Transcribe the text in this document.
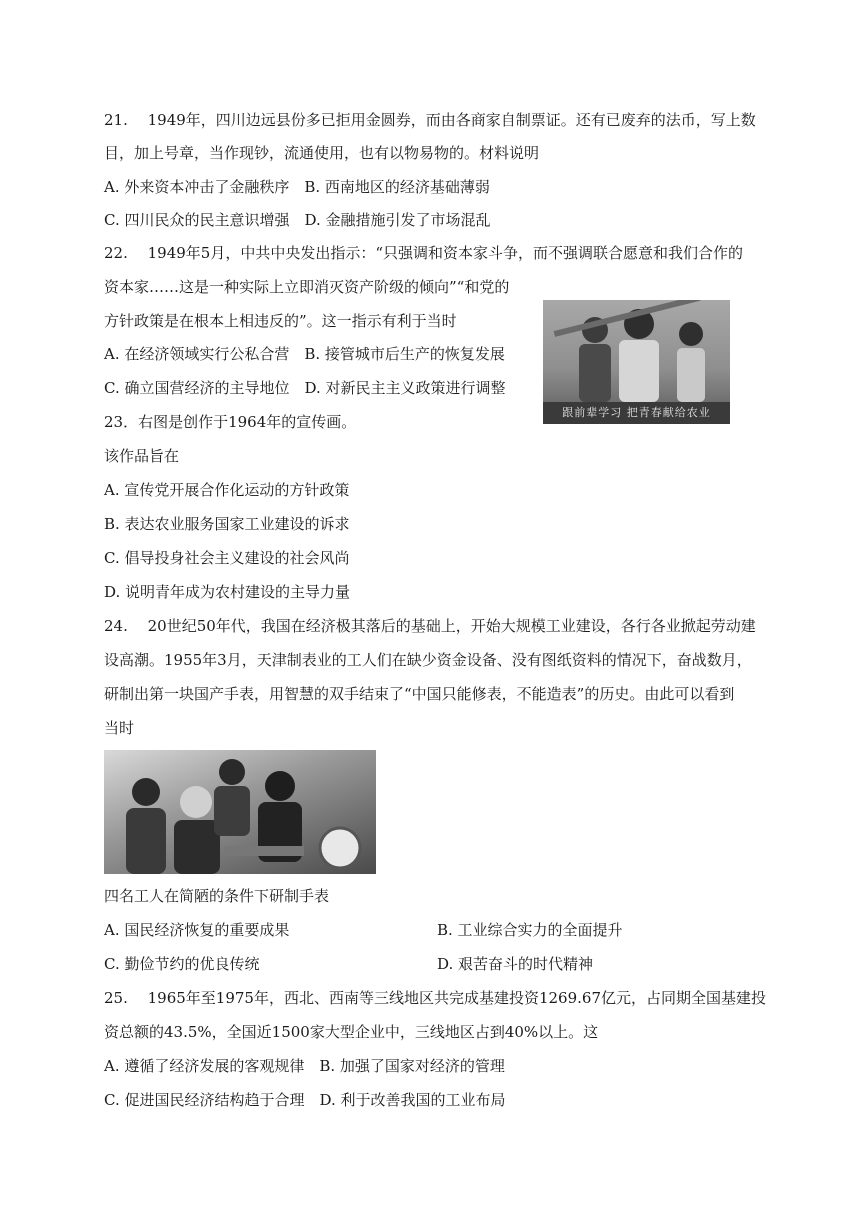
21.　 1949年，四川边远县份多已拒用金圆券，而由各商家自制票证。还有已废弃的法币，写上数
目，加上号章，当作现钞，流通使用，也有以物易物的。材料说明
A. 外来资本冲击了金融秩序　B. 西南地区的经济基础薄弱
C. 四川民众的民主意识增强　D. 金融措施引发了市场混乱
22.　 1949年5月，中共中央发出指示：“只强调和资本家斗争，而不强调联合愿意和我们合作的
资本家……这是一种实际上立即消灭资产阶级的倾向”“和党的
方针政策是在根本上相违反的”。这一指示有利于当时
A. 在经济领域实行公私合营　B. 接管城市后生产的恢复发展
C. 确立国营经济的主导地位　D. 对新民主主义政策进行调整
跟前辈学习 把青春献给农业
23．右图是创作于1964年的宣传画。
该作品旨在
A. 宣传党开展合作化运动的方针政策
B. 表达农业服务国家工业建设的诉求
C. 倡导投身社会主义建设的社会风尚
D. 说明青年成为农村建设的主导力量
24.　 20世纪50年代，我国在经济极其落后的基础上，开始大规模工业建设，各行各业掀起劳动建
设高潮。1955年3月，天津制表业的工人们在缺少资金设备、没有图纸资料的情况下，奋战数月，
研制出第一块国产手表，用智慧的双手结束了“中国只能修表，不能造表”的历史。由此可以看到
当时
四名工人在简陋的条件下研制手表
A. 国民经济恢复的重要成果	B. 工业综合实力的全面提升
C. 勤俭节约的优良传统	D. 艰苦奋斗的时代精神
25.　 1965年至1975年，西北、西南等三线地区共完成基建投资1269.67亿元，占同期全国基建投
资总额的43.5%，全国近1500家大型企业中，三线地区占到40%以上。这
A. 遵循了经济发展的客观规律　B. 加强了国家对经济的管理
C. 促进国民经济结构趋于合理　D. 利于改善我国的工业布局
